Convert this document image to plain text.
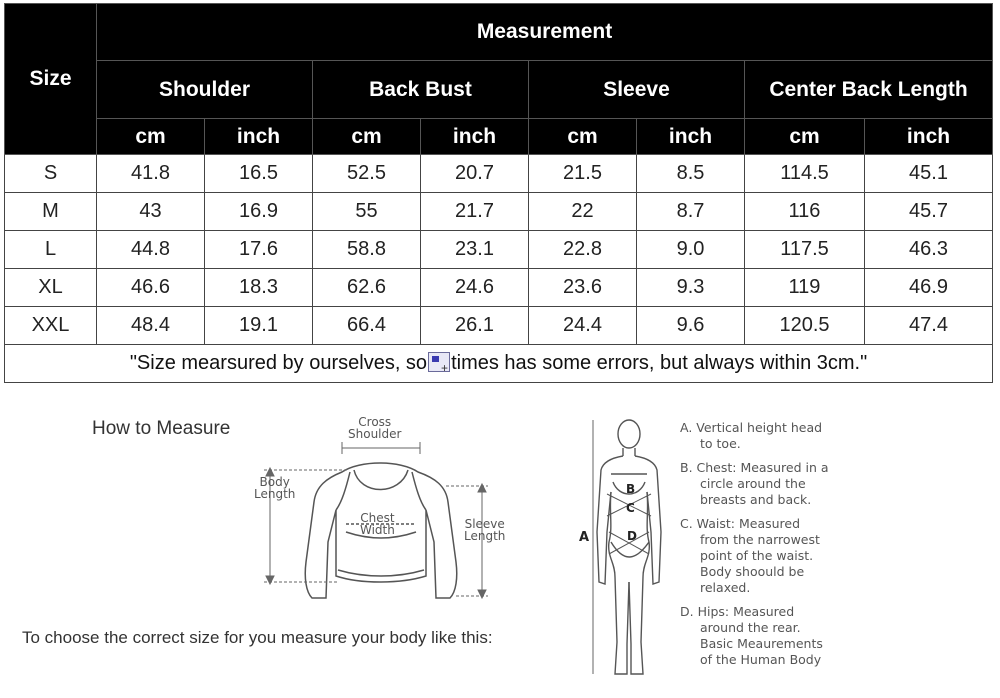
Size	Measurement							
	Shoulder		Back Bust		Sleeve		Center Back Length	
	cm	inch	cm	inch	cm	inch	cm	inch
S	41.8	16.5	52.5	20.7	21.5	8.5	114.5	45.1
M	43	16.9	55	21.7	22	8.7	116	45.7
L	44.8	17.6	58.8	23.1	22.8	9.0	117.5	46.3
XL	46.6	18.3	62.6	24.6	23.6	9.3	119	46.9
XXL	48.4	19.1	66.4	26.1	24.4	9.6	120.5	47.4
"Size mearsured by ourselves, so + times has some errors, but always within 3cm."
How to Measure	Cross
Shoulder
Body
Length
Chest
Width	Sleeve
Length
To choose the correct size for you measure your body like this:
A
B
C
D
A. Vertical height head
to toe.
B. Chest: Measured in a
circle around the
breasts and back.
C. Waist: Measured
from the narrowest
point of the waist.
Body shoould be
relaxed.
D. Hips: Measured
around the rear.
Basic Meaurements
of the Human Body
